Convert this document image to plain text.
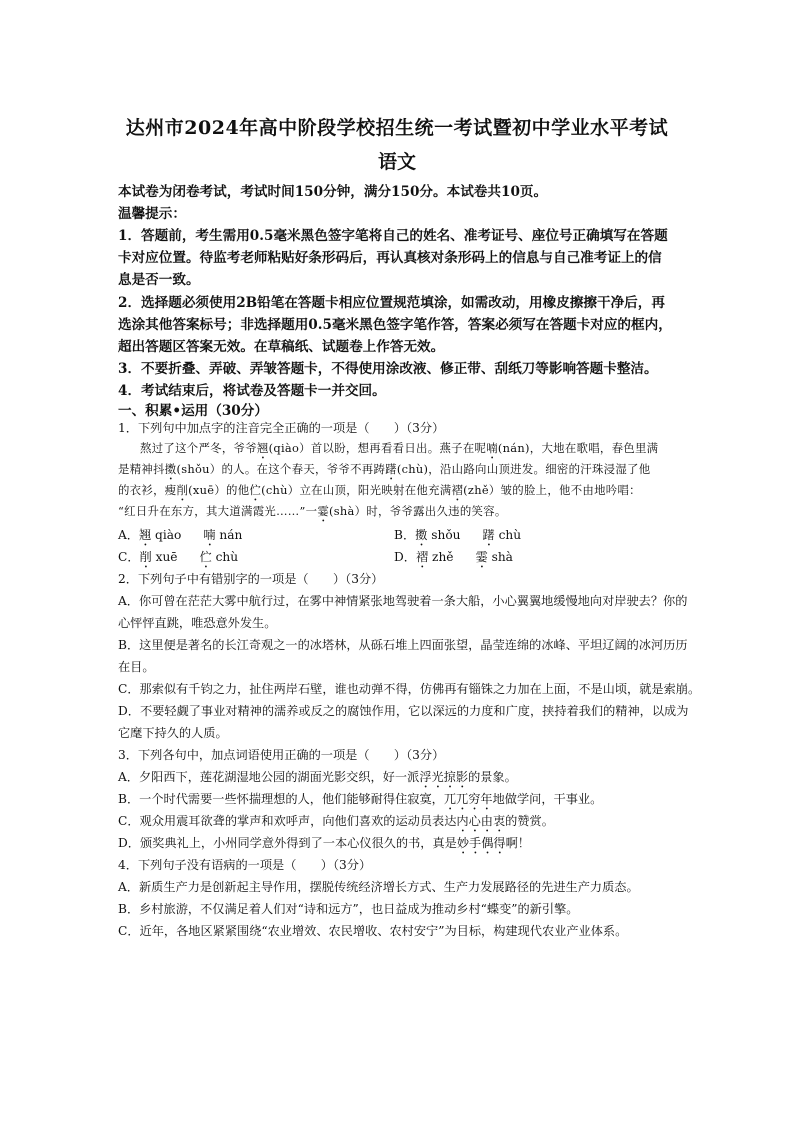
达州市2024年高中阶段学校招生统一考试暨初中学业水平考试
语文
本试卷为闭卷考试，考试时间150分钟，满分150分。本试卷共10页。
温馨提示：
1．答题前，考生需用0.5毫米黑色签字笔将自己的姓名、准考证号、座位号正确填写在答题
卡对应位置。待监考老师粘贴好条形码后，再认真核对条形码上的信息与自己准考证上的信
息是否一致。
2．选择题必须使用2B铅笔在答题卡相应位置规范填涂，如需改动，用橡皮擦擦干净后，再
选涂其他答案标号；非选择题用0.5毫米黑色签字笔作答，答案必须写在答题卡对应的框内，
超出答题区答案无效。在草稿纸、试题卷上作答无效。
3．不要折叠、弄破、弄皱答题卡，不得使用涂改液、修正带、刮纸刀等影响答题卡整洁。
4．考试结束后，将试卷及答题卡一并交回。
一、积累•运用（30分）
1．下列句中加点字的注音完全正确的一项是（　　）（3分）
熬过了这个严冬，爷爷翘(qiào）首以盼，想再看看日出。燕子在呢喃(nán)，大地在歌唱，春色里满
是精神抖擞(shǒu）的人。在这个春天，爷爷不再踌躇(chù)，沿山路向山顶进发。细密的汗珠浸湿了他
的衣衫，瘦削(xuē）的他伫(chù）立在山顶，阳光映射在他充满褶(zhě）皱的脸上，他不由地吟唱：
“红日升在东方，其大道满霞光……”一霎(shà）时，爷爷露出久违的笑容。
A．翘 qiào 喃 nán	B．擞 shǒu 躇 chù
C．削 xuē 伫 chù	D．褶 zhě 霎 shà
2．下列句子中有错别字的一项是（　　）（3分）
A．你可曾在茫茫大雾中航行过，在雾中神情紧张地驾驶着一条大船，小心翼翼地缓慢地向对岸驶去？你的
心怦怦直跳，唯恐意外发生。
B．这里便是著名的长江奇观之一的冰塔林，从砾石堆上四面张望，晶莹连绵的冰峰、平坦辽阔的冰河历历
在目。
C．那索似有千钧之力，扯住两岸石壁，谁也动弹不得，仿佛再有锱铢之力加在上面，不是山顷，就是索崩。
D．不要轻觑了事业对精神的濡养或反之的腐蚀作用，它以深远的力度和广度，挟持着我们的精神，以成为
它麾下持久的人质。
3．下列各句中，加点词语使用正确的一项是（　　）（3分）
A．夕阳西下，莲花湖湿地公园的湖面光影交织，好一派浮光掠影的景象。
B．一个时代需要一些怀揣理想的人，他们能够耐得住寂寞，兀兀穷年地做学问，干事业。
C．观众用震耳欲聋的掌声和欢呼声，向他们喜欢的运动员表达内心由衷的赞赏。
D．颁奖典礼上，小州同学意外得到了一本心仪很久的书，真是妙手偶得啊！
4．下列句子没有语病的一项是（　　）（3分）
A．新质生产力是创新起主导作用，摆脱传统经济增长方式、生产力发展路径的先进生产力质态。
B．乡村旅游，不仅满足着人们对“诗和远方”，也日益成为推动乡村“蝶变”的新引擎。
C．近年，各地区紧紧围绕“农业增效、农民增收、农村安宁”为目标，构建现代农业产业体系。
